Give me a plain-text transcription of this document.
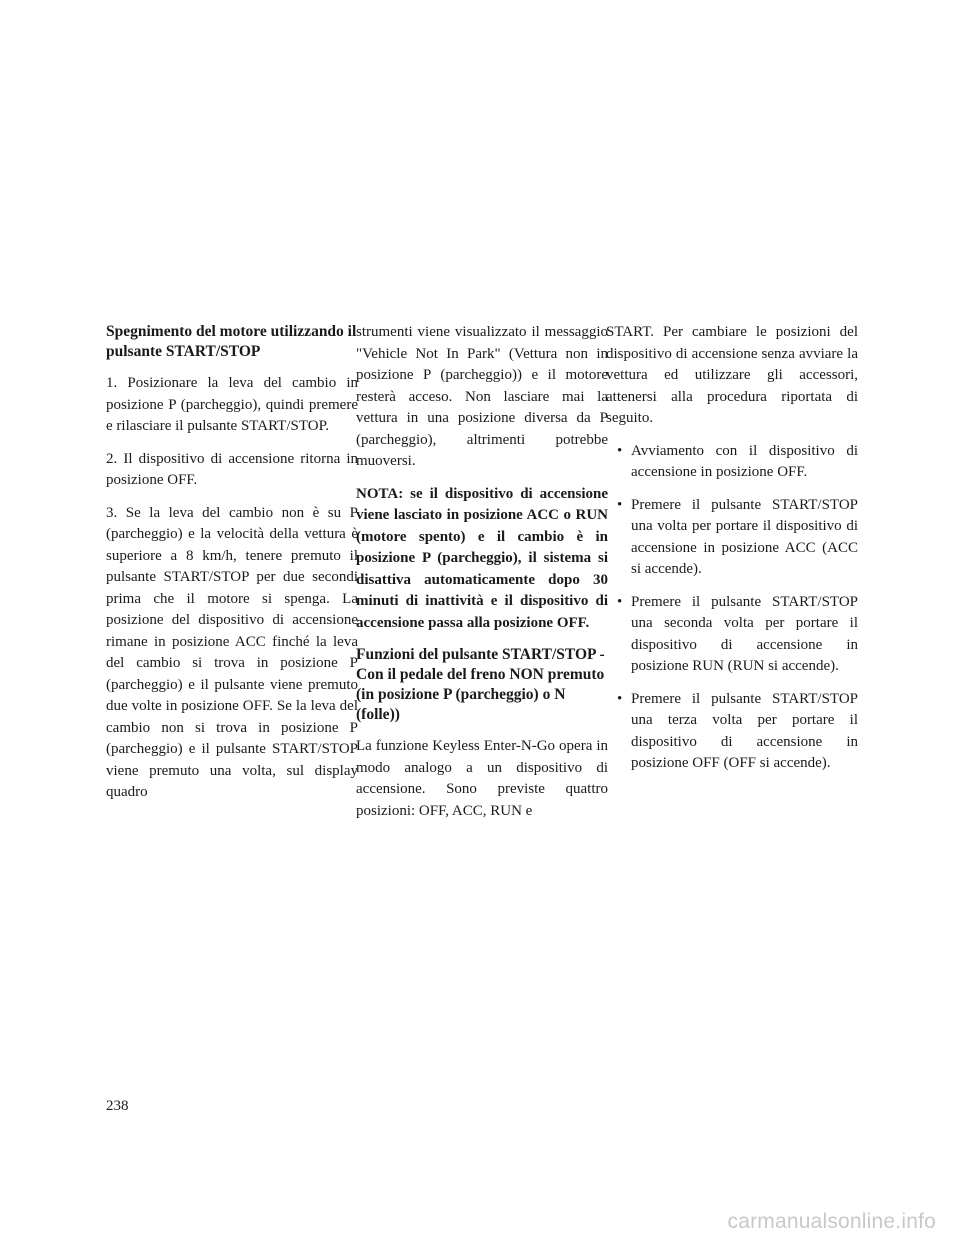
Spegnimento del motore utilizzando il pulsante START/STOP

1. Posizionare la leva del cambio in posizione P (parcheggio), quindi premere e rilasciare il pulsante START/STOP.

2. Il dispositivo di accensione ritorna in posizione OFF.

3. Se la leva del cambio non è su P (parcheggio) e la velocità della vettura è superiore a 8 km/h, tenere premuto il pulsante START/STOP per due secondi prima che il motore si spenga. La posizione del dispositivo di accensione rimane in posizione ACC finché la leva del cambio si trova in posizione P (parcheggio) e il pulsante viene premuto due volte in posizione OFF. Se la leva del cambio non si trova in posizione P (parcheggio) e il pulsante START/STOP viene premuto una volta, sul display quadro

strumenti viene visualizzato il messaggio "Vehicle Not In Park" (Vettura non in posizione P (parcheggio)) e il motore resterà acceso. Non lasciare mai la vettura in una posizione diversa da P (parcheggio), altrimenti potrebbe muoversi.

NOTA: se il dispositivo di accensione viene lasciato in posizione ACC o RUN (motore spento) e il cambio è in posizione P (parcheggio), il sistema si disattiva automaticamente dopo 30 minuti di inattività e il dispositivo di accensione passa alla posizione OFF.
Funzioni del pulsante START/STOP - Con il pedale del freno NON premuto (in posizione P (parcheggio) o N (folle))

La funzione Keyless Enter-N-Go opera in modo analogo a un dispositivo di accensione. Sono previste quattro posizioni: OFF, ACC, RUN e

START. Per cambiare le posizioni del dispositivo di accensione senza avviare la vettura ed utilizzare gli accessori, attenersi alla procedura riportata di seguito.

• Avviamento con il dispositivo di accensione in posizione OFF.
• Premere il pulsante START/STOP una volta per portare il dispositivo di accensione in posizione ACC (ACC si accende).
• Premere il pulsante START/STOP una seconda volta per portare il dispositivo di accensione in posizione RUN (RUN si accende).
• Premere il pulsante START/STOP una terza volta per portare il dispositivo di accensione in posizione OFF (OFF si accende).
238
carmanualsonline.info
